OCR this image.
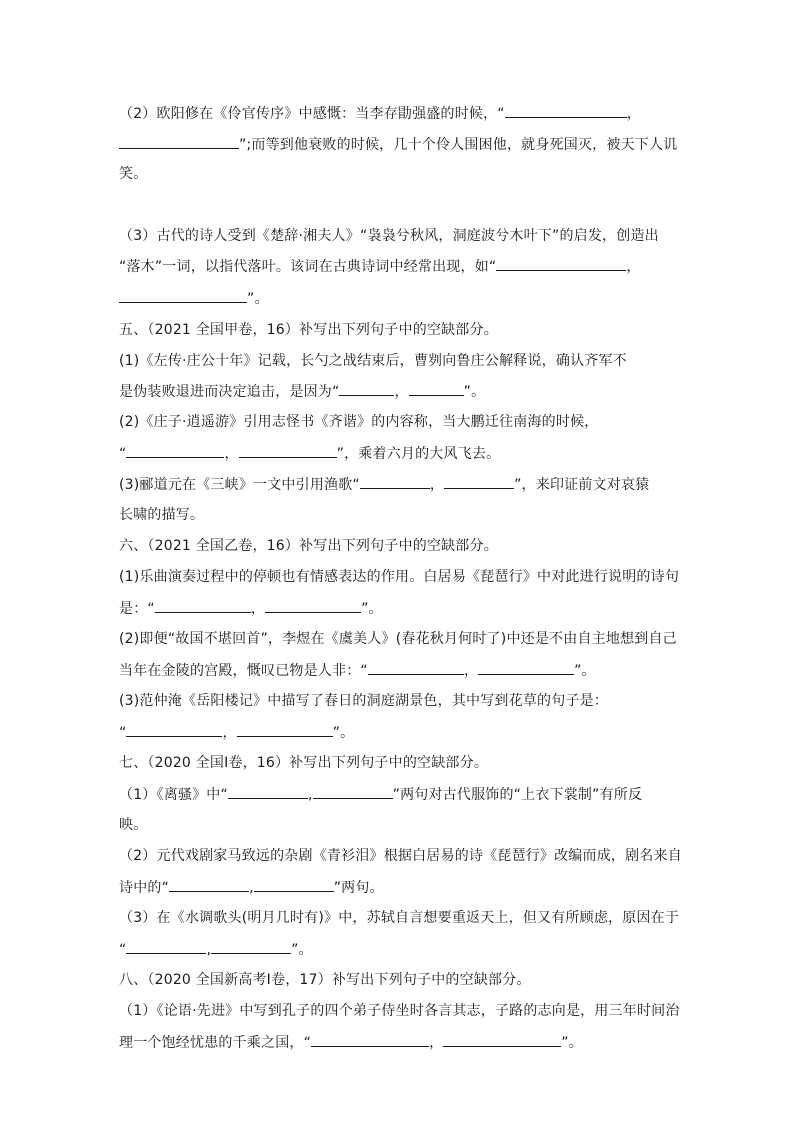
（2）欧阳修在《伶官传序》中感慨：当李存勖强盛的时候，“	，
”;而等到他衰败的时候，几十个伶人围困他，就身死国灭，被天下人讥
笑。
（3）古代的诗人受到《楚辞·湘夫人》“袅袅兮秋风，洞庭波兮木叶下”的启发，创造出
“落木”一词，以指代落叶。该词在古典诗词中经常出现，如“	，
”。
五、（2021 全国甲卷，16）补写出下列句子中的空缺部分。
(1)《左传·庄公十年》记载，长勺之战结束后，曹刿向鲁庄公解释说，确认齐军不
是伪装败退进而决定追击，是因为“	，	”。
(2)《庄子·逍遥游》引用志怪书《齐谐》的内容称，当大鹏迁往南海的时候，
“	，	”，乘着六月的大风飞去。
(3)郦道元在《三峡》一文中引用渔歌“	，	”，来印证前文对哀猿
长啸的描写。
六、（2021 全国乙卷，16）补写出下列句子中的空缺部分。
(1)乐曲演奏过程中的停顿也有情感表达的作用。白居易《琵琶行》中对此进行说明的诗句
是：“	，	”。
(2)即便“故国不堪回首”，李煜在《虞美人》(春花秋月何时了)中还是不由自主地想到自己
当年在金陵的宫殿，慨叹已物是人非：“	，	”。
(3)范仲淹《岳阳楼记》中描写了春日的洞庭湖景色，其中写到花草的句子是：
“	，	”。
七、（2020 全国Ⅰ卷，16）补写出下列句子中的空缺部分。
（1）《离骚》中“	,	”两句对古代服饰的“上衣下裳制”有所反
映。
（2）元代戏剧家马致远的杂剧《青衫泪》根据白居易的诗《琵琶行》改编而成，剧名来自
诗中的“	,	”两句。
（3）在《水调歌头(明月几时有)》中，苏轼自言想要重返天上，但又有所顾虑，原因在于
“	,	”。
八、（2020 全国新高考Ⅰ卷，17）补写出下列句子中的空缺部分。
（1）《论语·先进》中写到孔子的四个弟子侍坐时各言其志，子路的志向是，用三年时间治
理一个饱经忧患的千乘之国，“	，	”。
